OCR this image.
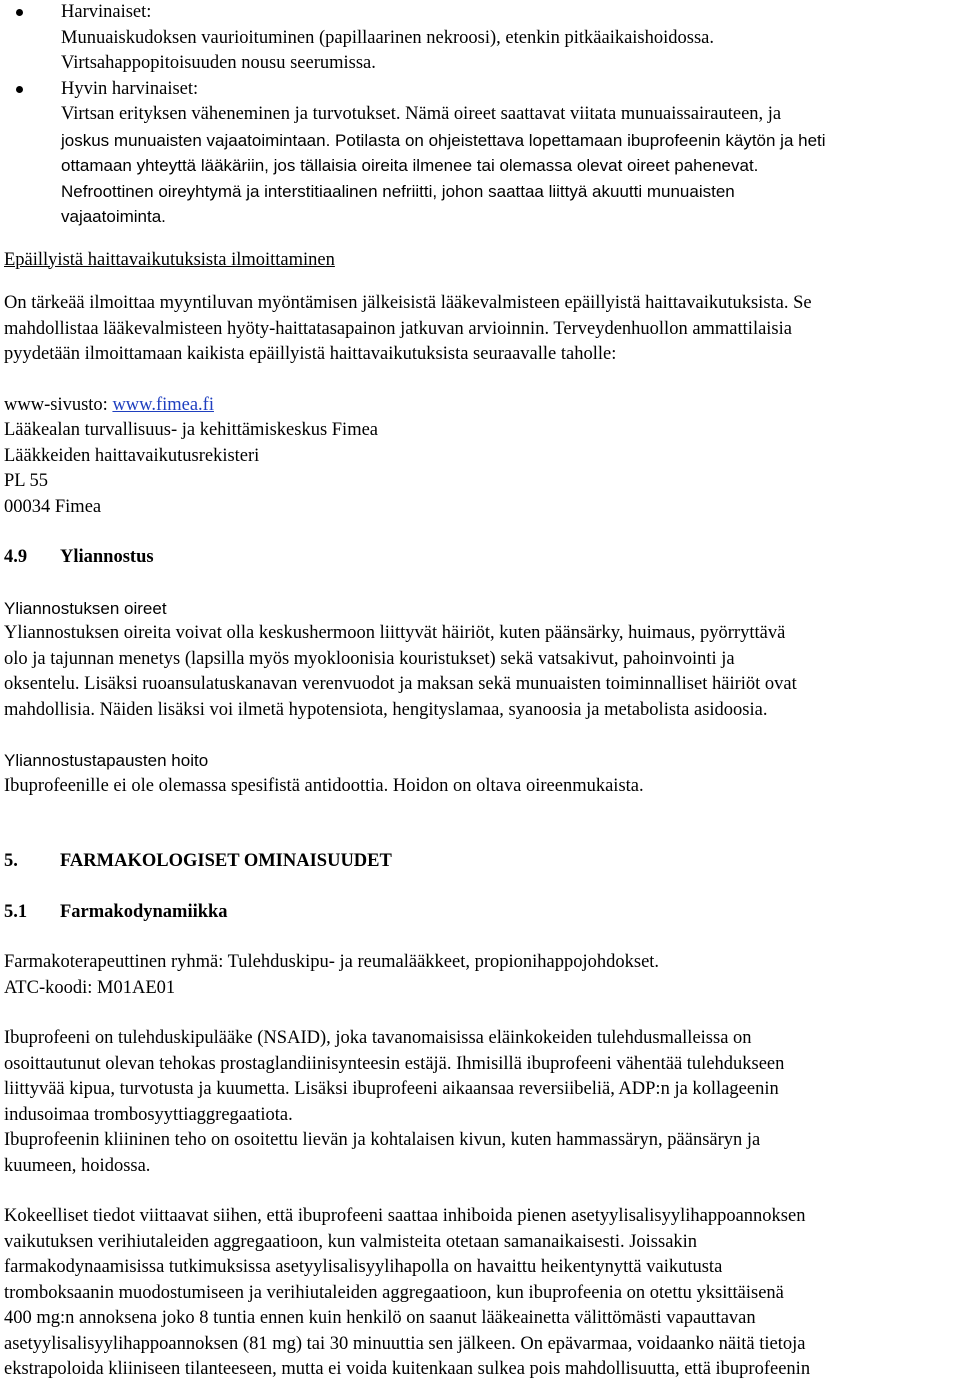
Harvinaiset:
Munuaiskudoksen vaurioituminen (papillaarinen nekroosi), etenkin pitkäaikaishoidossa.
Virtsahappopitoisuuden nousu seerumissa.
Hyvin harvinaiset:
Virtsan erityksen väheneminen ja turvotukset. Nämä oireet saattavat viitata munuaissairauteen, ja
joskus munuaisten vajaatoimintaan. Potilasta on ohjeistettava lopettamaan ibuprofeenin käytön ja heti
ottamaan yhteyttä lääkäriin, jos tällaisia oireita ilmenee tai olemassa olevat oireet pahenevat.
Nefroottinen oireyhtymä ja interstitiaalinen nefriitti, johon saattaa liittyä akuutti munuaisten
vajaatoiminta.
Epäillyistä haittavaikutuksista ilmoittaminen
On tärkeää ilmoittaa myyntiluvan myöntämisen jälkeisistä lääkevalmisteen epäillyistä haittavaikutuksista. Se
mahdollistaa lääkevalmisteen hyöty-haittatasapainon jatkuvan arvioinnin. Terveydenhuollon ammattilaisia
pyydetään ilmoittamaan kaikista epäillyistä haittavaikutuksista seuraavalle taholle:
www-sivusto: www.fimea.fi
Lääkealan turvallisuus- ja kehittämiskeskus Fimea
Lääkkeiden haittavaikutusrekisteri
PL 55
00034 Fimea
4.9	Yliannostus
Yliannostuksen oireet
Yliannostuksen oireita voivat olla keskushermoon liittyvät häiriöt, kuten päänsärky, huimaus, pyörryttävä
olo ja tajunnan menetys (lapsilla myös myokloonisia kouristukset) sekä vatsakivut, pahoinvointi ja
oksentelu. Lisäksi ruoansulatuskanavan verenvuodot ja maksan sekä munuaisten toiminnalliset häiriöt ovat
mahdollisia. Näiden lisäksi voi ilmetä hypotensiota, hengityslamaa, syanoosia ja metabolista asidoosia.
Yliannostustapausten hoito
Ibuprofeenille ei ole olemassa spesifistä antidoottia. Hoidon on oltava oireenmukaista.
5.	FARMAKOLOGISET OMINAISUUDET
5.1	Farmakodynamiikka
Farmakoterapeuttinen ryhmä: Tulehduskipu- ja reumalääkkeet, propionihappojohdokset.
ATC-koodi: M01AE01
Ibuprofeeni on tulehduskipulääke (NSAID), joka tavanomaisissa eläinkokeiden tulehdusmalleissa on
osoittautunut olevan tehokas prostaglandiinisynteesin estäjä. Ihmisillä ibuprofeeni vähentää tulehdukseen
liittyvää kipua, turvotusta ja kuumetta. Lisäksi ibuprofeeni aikaansaa reversiibeliä, ADP:n ja kollageenin
indusoimaa trombosyyttiaggregaatiota.
Ibuprofeenin kliininen teho on osoitettu lievän ja kohtalaisen kivun, kuten hammassäryn, päänsäryn ja
kuumeen, hoidossa.
Kokeelliset tiedot viittaavat siihen, että ibuprofeeni saattaa inhiboida pienen asetyylisalisyylihappoannoksen
vaikutuksen verihiutaleiden aggregaatioon, kun valmisteita otetaan samanaikaisesti. Joissakin
farmakodynaamisissa tutkimuksissa asetyylisalisyylihapolla on havaittu heikentynyttä vaikutusta
tromboksaanin muodostumiseen ja verihiutaleiden aggregaatioon, kun ibuprofeenia on otettu yksittäisenä
400 mg:n annoksena joko 8 tuntia ennen kuin henkilö on saanut lääkeainetta välittömästi vapauttavan
asetyylisalisyylihappoannoksen (81 mg) tai 30 minuuttia sen jälkeen. On epävarmaa, voidaanko näitä tietoja
ekstrapoloida kliiniseen tilanteeseen, mutta ei voida kuitenkaan sulkea pois mahdollisuutta, että ibuprofeenin
